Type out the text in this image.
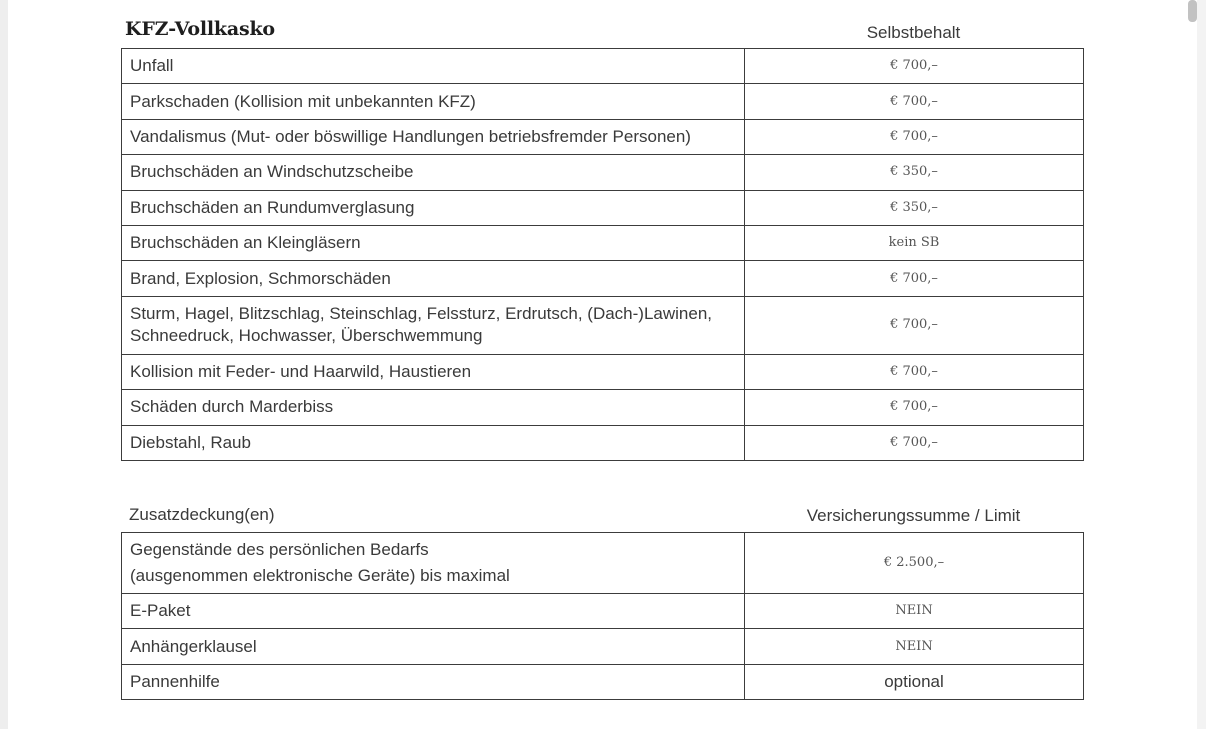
KFZ-Vollkasko	Selbstbehalt
Unfall	€ 700,–
Parkschaden (Kollision mit unbekannten KFZ)	€ 700,–
Vandalismus (Mut- oder böswillige Handlungen betriebsfremder Personen)	€ 700,–
Bruchschäden an Windschutzscheibe	€ 350,–
Bruchschäden an Rundumverglasung	€ 350,–
Bruchschäden an Kleingläsern	kein SB
Brand, Explosion, Schmorschäden	€ 700,–

Sturm, Hagel, Blitzschlag, Steinschlag, Felssturz, Erdrutsch, (Dach-)Lawinen,
Schneedruck, Hochwasser, Überschwemmung	€ 700,–
Kollision mit Feder- und Haarwild, Haustieren	€ 700,–
Schäden durch Marderbiss	€ 700,–
Diebstahl, Raub	€ 700,–
Zusatzdeckung(en)	Versicherungssumme / Limit
Gegenstände des persönlichen Bedarfs
(ausgenommen elektronische Geräte) bis maximal	€ 2.500,–
E-Paket	NEIN
Anhängerklausel	NEIN
Pannenhilfe	optional
